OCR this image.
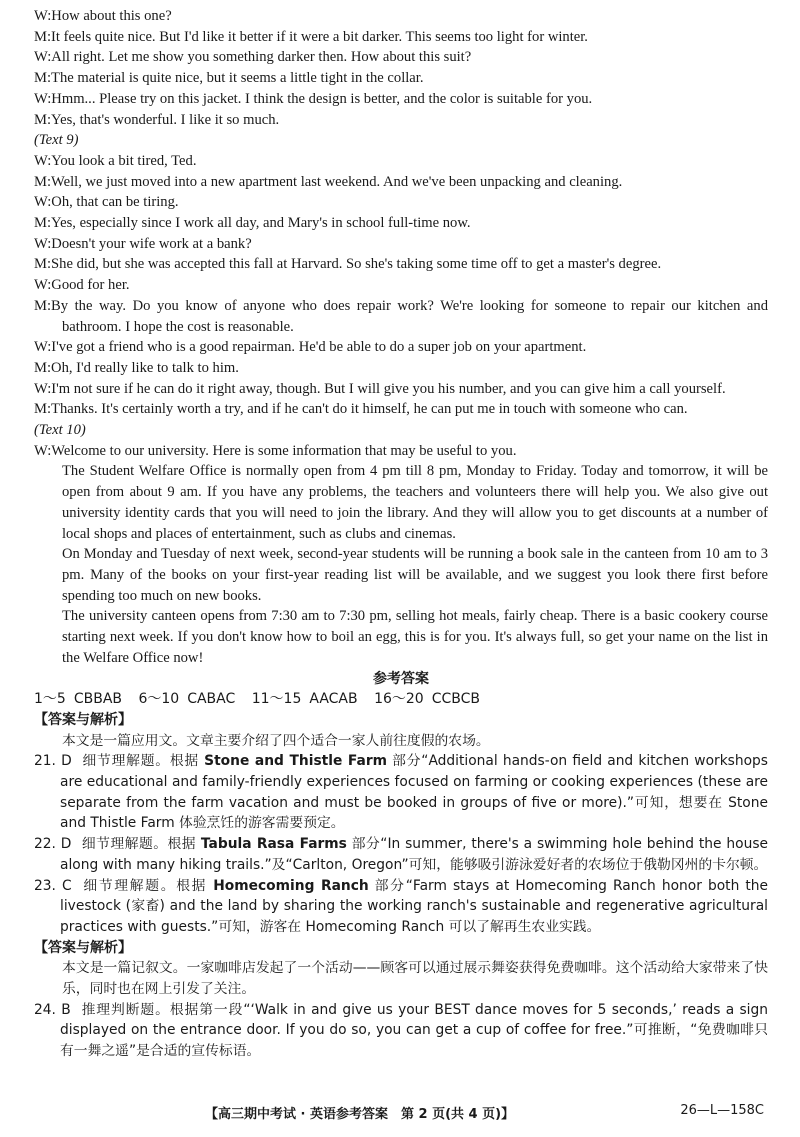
W:How about this one?

M:It feels quite nice. But I'd like it better if it were a bit darker. This seems too light for winter.

W:All right. Let me show you something darker then. How about this suit?

M:The material is quite nice, but it seems a little tight in the collar.

W:Hmm... Please try on this jacket. I think the design is better, and the color is suitable for you.

M:Yes, that's wonderful. I like it so much.

(Text 9)

W:You look a bit tired, Ted.

M:Well, we just moved into a new apartment last weekend. And we've been unpacking and cleaning.

W:Oh, that can be tiring.

M:Yes, especially since I work all day, and Mary's in school full-time now.

W:Doesn't your wife work at a bank?

M:She did, but she was accepted this fall at Harvard. So she's taking some time off to get a master's degree.

W:Good for her.

M:By the way. Do you know of anyone who does repair work? We're looking for someone to repair our kitchen and bathroom. I hope the cost is reasonable.

W:I've got a friend who is a good repairman. He'd be able to do a super job on your apartment.

M:Oh, I'd really like to talk to him.

W:I'm not sure if he can do it right away, though. But I will give you his number, and you can give him a call yourself.

M:Thanks. It's certainly worth a try, and if he can't do it himself, he can put me in touch with someone who can.

(Text 10)

W:Welcome to our university. Here is some information that may be useful to you.

The Student Welfare Office is normally open from 4 pm till 8 pm, Monday to Friday. Today and tomorrow, it will be open from about 9 am. If you have any problems, the teachers and volunteers there will help you. We also give out university identity cards that you will need to join the library. And they will allow you to get discounts at a number of local shops and places of entertainment, such as clubs and cinemas.

On Monday and Tuesday of next week, second-year students will be running a book sale in the canteen from 10 am to 3 pm. Many of the books on your first-year reading list will be available, and we suggest you look there first before spending too much on new books.

The university canteen opens from 7:30 am to 7:30 pm, selling hot meals, fairly cheap. There is a basic cookery course starting next week. If you don't know how to boil an egg, this is for you. It's always full, so get your name on the list in the Welfare Office now!

参考答案

1～5 CBBAB 6～10 CABAC 11～15 AACAB 16～20 CCBCB

【答案与解析】

本文是一篇应用文。文章主要介绍了四个适合一家人前往度假的农场。

21. D 细节理解题。根据 Stone and Thistle Farm 部分“Additional hands-on field and kitchen workshops are educational and family-friendly experiences focused on farming or cooking experiences (these are separate from the farm vacation and must be booked in groups of five or more).”可知，想要在 Stone and Thistle Farm 体验烹饪的游客需要预定。

22. D 细节理解题。根据 Tabula Rasa Farms 部分“In summer, there's a swimming hole behind the house along with many hiking trails.”及“Carlton, Oregon”可知，能够吸引游泳爱好者的农场位于俄勒冈州的卡尔顿。

23. C 细节理解题。根据 Homecoming Ranch 部分“Farm stays at Homecoming Ranch honor both the livestock (家畜) and the land by sharing the working ranch's sustainable and regenerative agricultural practices with guests.”可知，游客在 Homecoming Ranch 可以了解再生农业实践。

【答案与解析】

本文是一篇记叙文。一家咖啡店发起了一个活动——顾客可以通过展示舞姿获得免费咖啡。这个活动给大家带来了快乐，同时也在网上引发了关注。

24. B 推理判断题。根据第一段“‘Walk in and give us your BEST dance moves for 5 seconds,’ reads a sign displayed on the entrance door. If you do so, you can get a cup of coffee for free.”可推断，“免费咖啡只有一舞之遥”是合适的宣传标语。

【高三期中考试 · 英语参考答案　第 2 页(共 4 页)】	26—L—158C
